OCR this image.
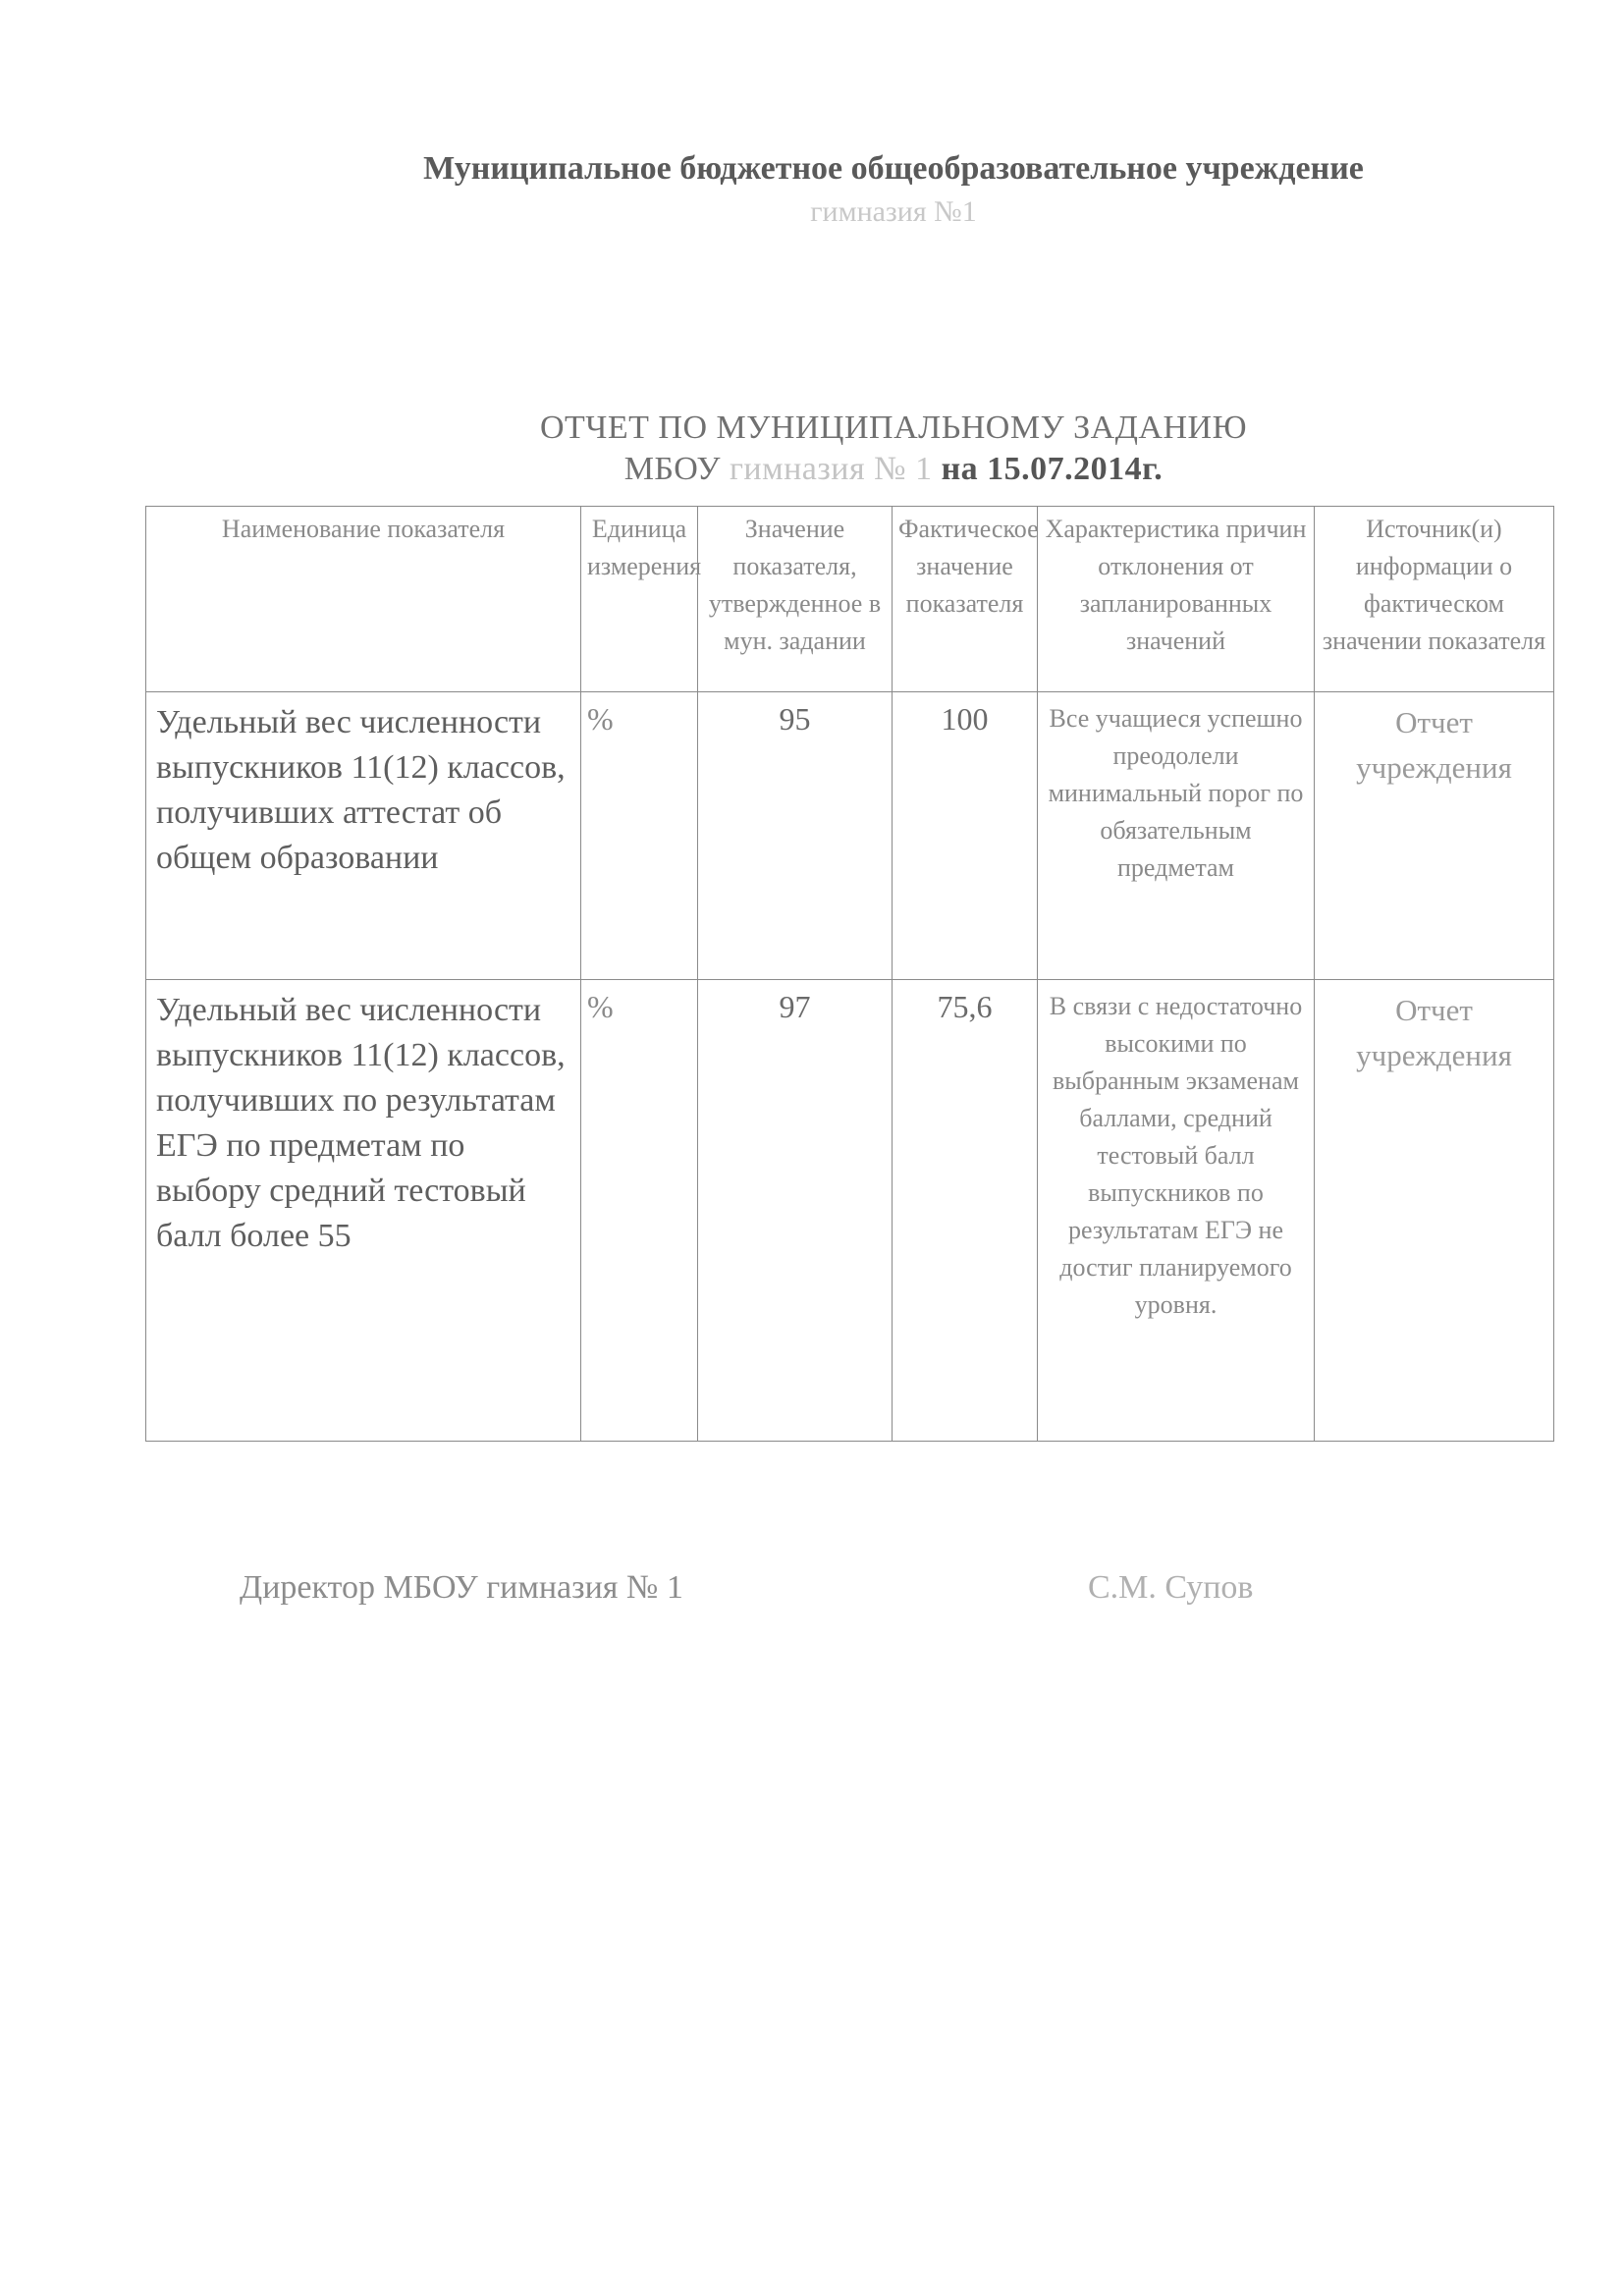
Муниципальное бюджетное общеобразовательное учреждение
гимназия №1
ОТЧЕТ ПО МУНИЦИПАЛЬНОМУ ЗАДАНИЮ
МБОУ гимназия № 1 на 15.07.2014г.
Наименование показателя	Единица измерения	Значение показателя, утвержденное в мун. задании	Фактическое значение показателя	Характеристика причин отклонения от запланированных значений	Источник(и) информации о фактическом значении показателя
Удельный вес численности выпускников 11(12) классов, получивших аттестат об общем образовании	%	95	100	Все учащиеся успешно преодолели минимальный порог по обязательным предметам	Отчет учреждения
Удельный вес численности выпускников 11(12) классов, получивших по результатам ЕГЭ по предметам по выбору средний тестовый балл более 55	%	97	75,6	В связи с недостаточно высокими по выбранным экзаменам баллами, средний тестовый балл выпускников по результатам ЕГЭ не достиг планируемого уровня.	Отчет учреждения
Директор МБОУ гимназия № 1	С.М. Супов
